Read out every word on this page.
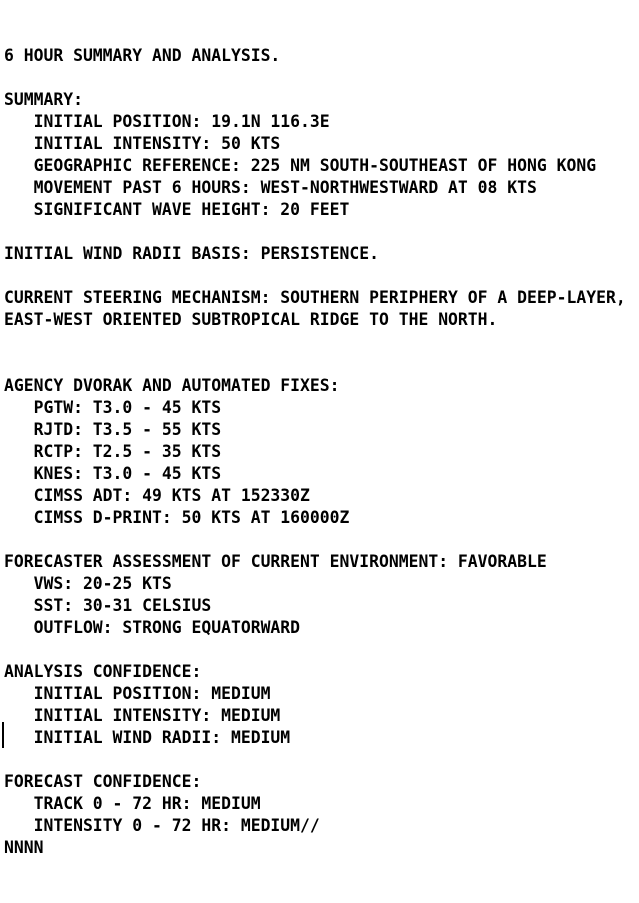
6 HOUR SUMMARY AND ANALYSIS.
SUMMARY:
INITIAL POSITION: 19.1N 116.3E
INITIAL INTENSITY: 50 KTS
GEOGRAPHIC REFERENCE: 225 NM SOUTH-SOUTHEAST OF HONG KONG
MOVEMENT PAST 6 HOURS: WEST-NORTHWESTWARD AT 08 KTS
SIGNIFICANT WAVE HEIGHT: 20 FEET
INITIAL WIND RADII BASIS: PERSISTENCE.
CURRENT STEERING MECHANISM: SOUTHERN PERIPHERY OF A DEEP-LAYER,
EAST-WEST ORIENTED SUBTROPICAL RIDGE TO THE NORTH.
AGENCY DVORAK AND AUTOMATED FIXES:
PGTW: T3.0 - 45 KTS
RJTD: T3.5 - 55 KTS
RCTP: T2.5 - 35 KTS
KNES: T3.0 - 45 KTS
CIMSS ADT: 49 KTS AT 152330Z
CIMSS D-PRINT: 50 KTS AT 160000Z
FORECASTER ASSESSMENT OF CURRENT ENVIRONMENT: FAVORABLE
VWS: 20-25 KTS
SST: 30-31 CELSIUS
OUTFLOW: STRONG EQUATORWARD
ANALYSIS CONFIDENCE:
INITIAL POSITION: MEDIUM
INITIAL INTENSITY: MEDIUM
INITIAL WIND RADII: MEDIUM
FORECAST CONFIDENCE:
TRACK 0 - 72 HR: MEDIUM
INTENSITY 0 - 72 HR: MEDIUM//
NNNN
